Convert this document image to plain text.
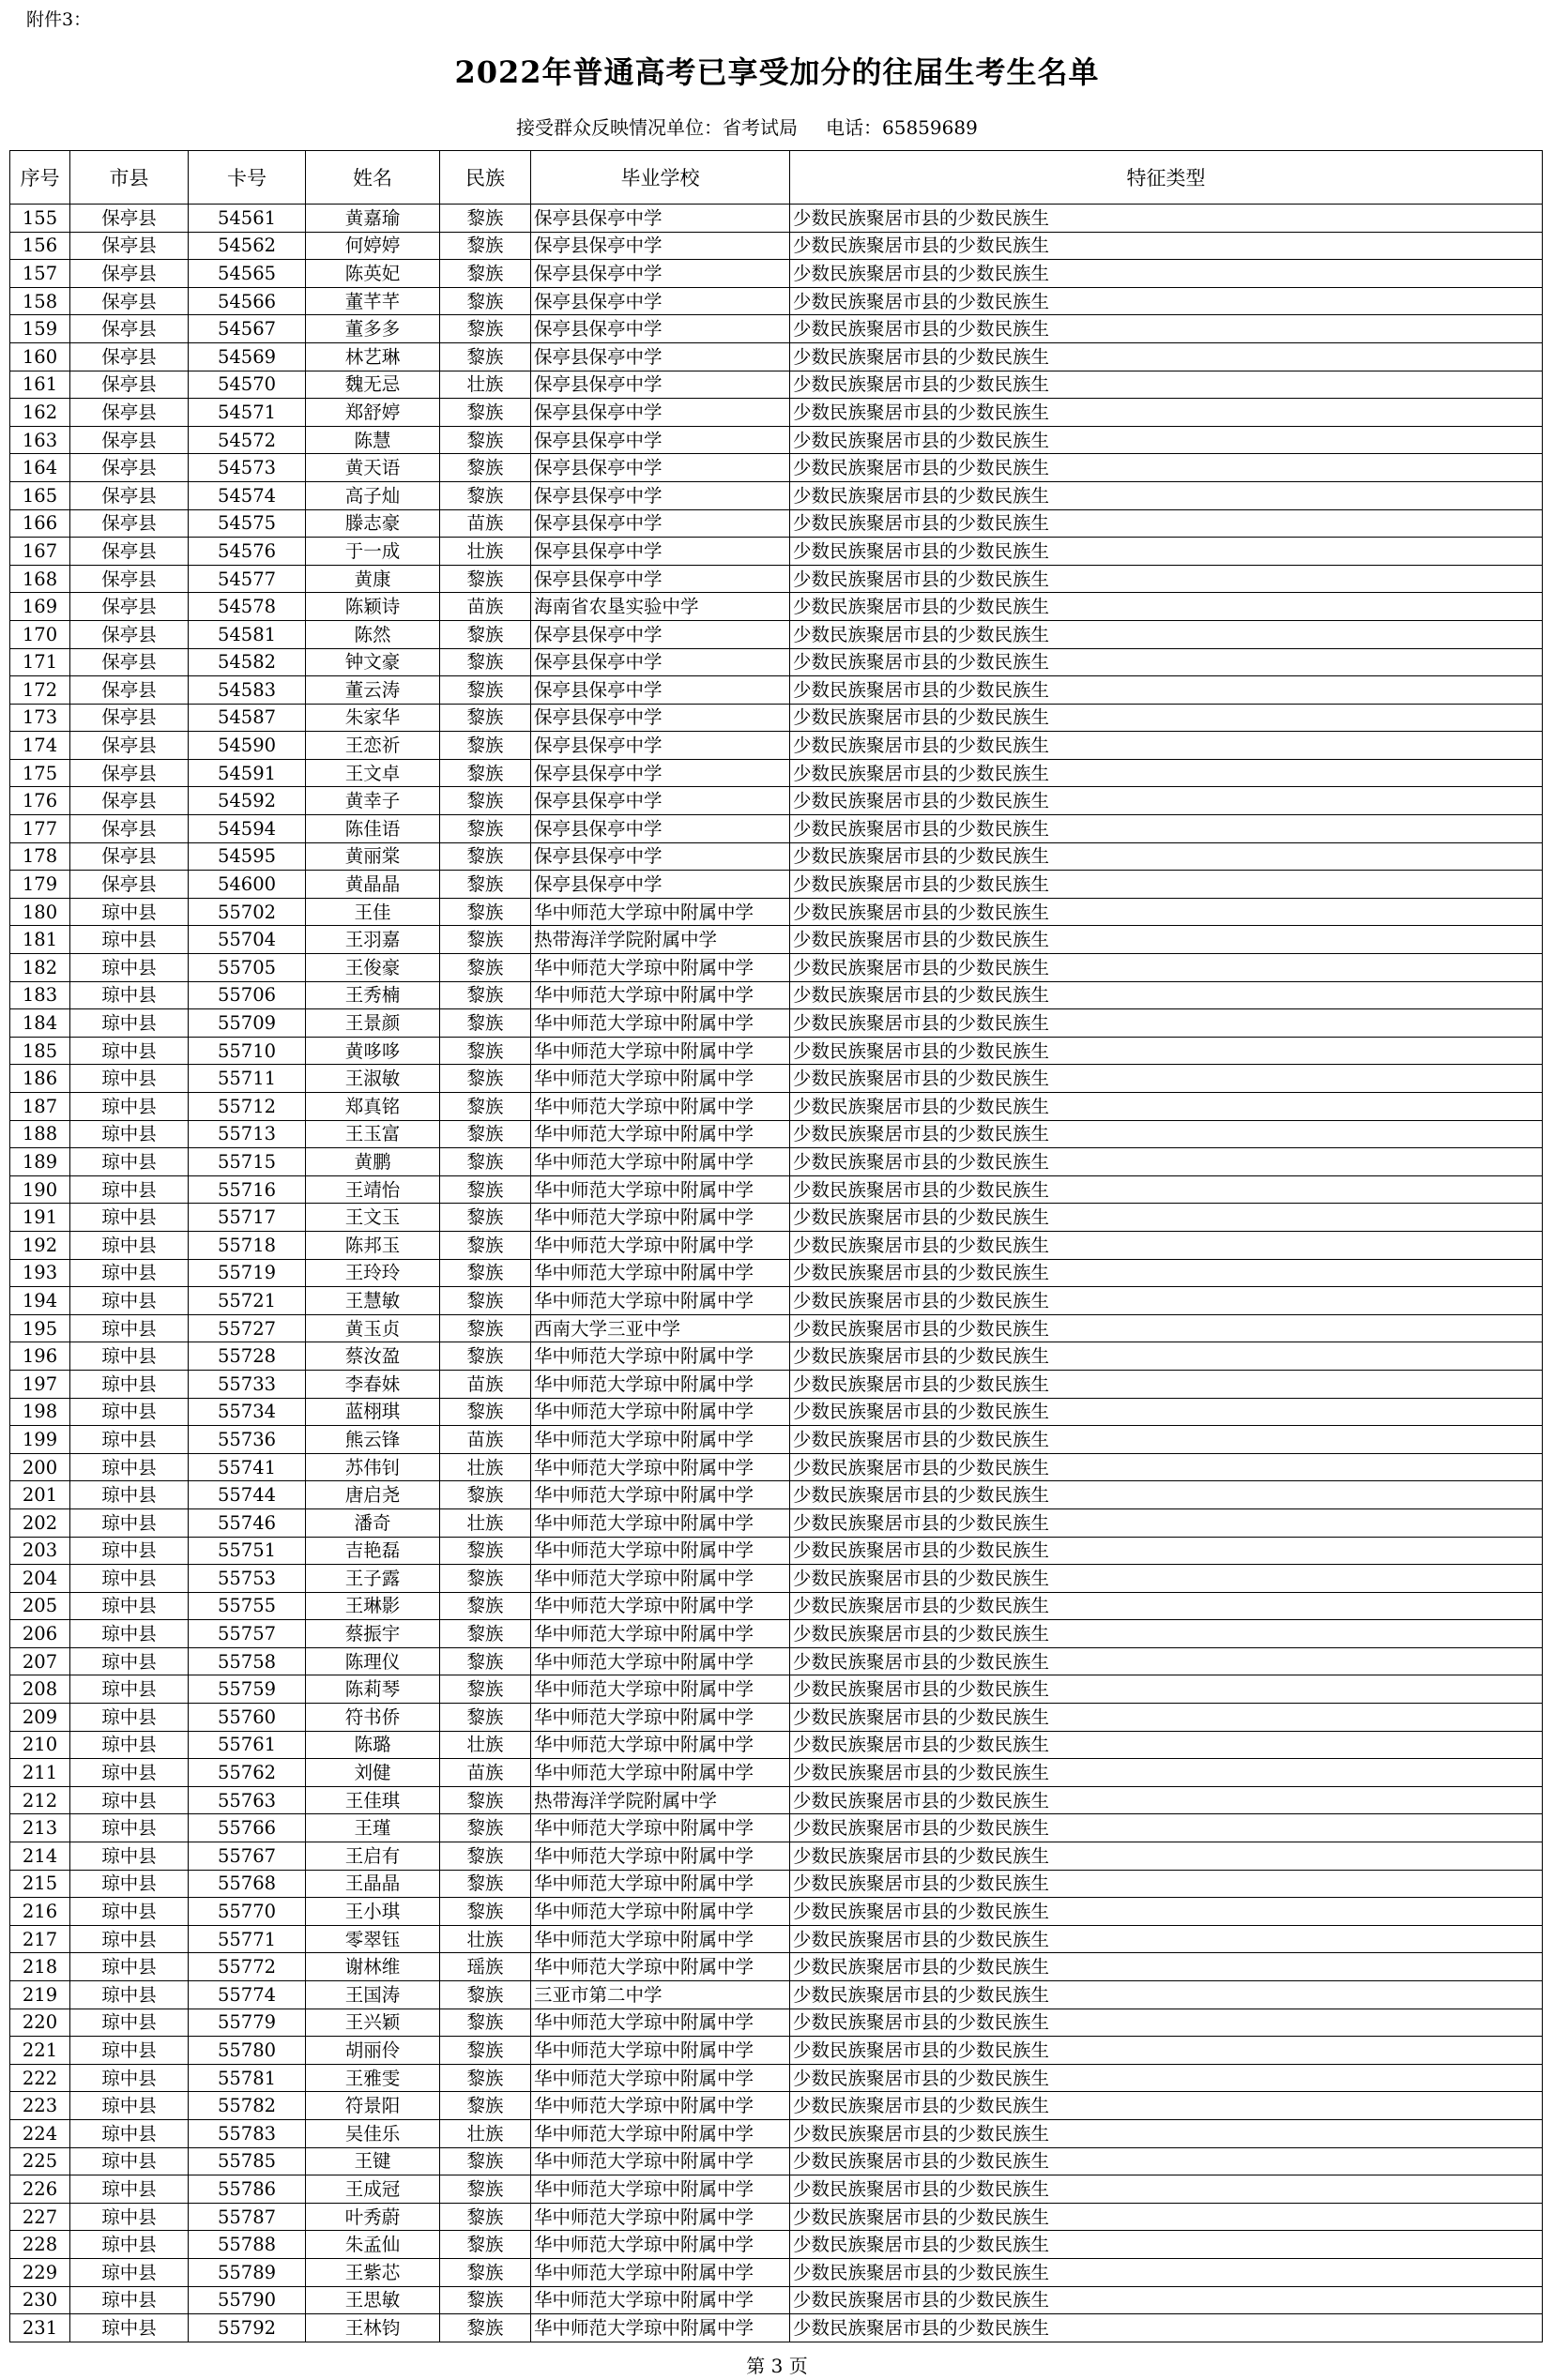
附件3：
2022年普通高考已享受加分的往届生考生名单
接受群众反映情况单位：省考试局 电话：65859689
序号	市县	卡号	姓名	民族	毕业学校	特征类型
155	保亭县	54561	黄嘉瑜	黎族	保亭县保亭中学	少数民族聚居市县的少数民族生
156	保亭县	54562	何婷婷	黎族	保亭县保亭中学	少数民族聚居市县的少数民族生
157	保亭县	54565	陈英妃	黎族	保亭县保亭中学	少数民族聚居市县的少数民族生
158	保亭县	54566	董芊芊	黎族	保亭县保亭中学	少数民族聚居市县的少数民族生
159	保亭县	54567	董多多	黎族	保亭县保亭中学	少数民族聚居市县的少数民族生
160	保亭县	54569	林艺琳	黎族	保亭县保亭中学	少数民族聚居市县的少数民族生
161	保亭县	54570	魏无忌	壮族	保亭县保亭中学	少数民族聚居市县的少数民族生
162	保亭县	54571	郑舒婷	黎族	保亭县保亭中学	少数民族聚居市县的少数民族生
163	保亭县	54572	陈慧	黎族	保亭县保亭中学	少数民族聚居市县的少数民族生
164	保亭县	54573	黄天语	黎族	保亭县保亭中学	少数民族聚居市县的少数民族生
165	保亭县	54574	高子灿	黎族	保亭县保亭中学	少数民族聚居市县的少数民族生
166	保亭县	54575	滕志豪	苗族	保亭县保亭中学	少数民族聚居市县的少数民族生
167	保亭县	54576	于一成	壮族	保亭县保亭中学	少数民族聚居市县的少数民族生
168	保亭县	54577	黄康	黎族	保亭县保亭中学	少数民族聚居市县的少数民族生
169	保亭县	54578	陈颖诗	苗族	海南省农垦实验中学	少数民族聚居市县的少数民族生
170	保亭县	54581	陈然	黎族	保亭县保亭中学	少数民族聚居市县的少数民族生
171	保亭县	54582	钟文豪	黎族	保亭县保亭中学	少数民族聚居市县的少数民族生
172	保亭县	54583	董云涛	黎族	保亭县保亭中学	少数民族聚居市县的少数民族生
173	保亭县	54587	朱家华	黎族	保亭县保亭中学	少数民族聚居市县的少数民族生
174	保亭县	54590	王恋祈	黎族	保亭县保亭中学	少数民族聚居市县的少数民族生
175	保亭县	54591	王文卓	黎族	保亭县保亭中学	少数民族聚居市县的少数民族生
176	保亭县	54592	黄幸子	黎族	保亭县保亭中学	少数民族聚居市县的少数民族生
177	保亭县	54594	陈佳语	黎族	保亭县保亭中学	少数民族聚居市县的少数民族生
178	保亭县	54595	黄丽棠	黎族	保亭县保亭中学	少数民族聚居市县的少数民族生
179	保亭县	54600	黄晶晶	黎族	保亭县保亭中学	少数民族聚居市县的少数民族生
180	琼中县	55702	王佳	黎族	华中师范大学琼中附属中学	少数民族聚居市县的少数民族生
181	琼中县	55704	王羽嘉	黎族	热带海洋学院附属中学	少数民族聚居市县的少数民族生
182	琼中县	55705	王俊豪	黎族	华中师范大学琼中附属中学	少数民族聚居市县的少数民族生
183	琼中县	55706	王秀楠	黎族	华中师范大学琼中附属中学	少数民族聚居市县的少数民族生
184	琼中县	55709	王景颜	黎族	华中师范大学琼中附属中学	少数民族聚居市县的少数民族生
185	琼中县	55710	黄哆哆	黎族	华中师范大学琼中附属中学	少数民族聚居市县的少数民族生
186	琼中县	55711	王淑敏	黎族	华中师范大学琼中附属中学	少数民族聚居市县的少数民族生
187	琼中县	55712	郑真铭	黎族	华中师范大学琼中附属中学	少数民族聚居市县的少数民族生
188	琼中县	55713	王玉富	黎族	华中师范大学琼中附属中学	少数民族聚居市县的少数民族生
189	琼中县	55715	黄鹏	黎族	华中师范大学琼中附属中学	少数民族聚居市县的少数民族生
190	琼中县	55716	王靖怡	黎族	华中师范大学琼中附属中学	少数民族聚居市县的少数民族生
191	琼中县	55717	王文玉	黎族	华中师范大学琼中附属中学	少数民族聚居市县的少数民族生
192	琼中县	55718	陈邦玉	黎族	华中师范大学琼中附属中学	少数民族聚居市县的少数民族生
193	琼中县	55719	王玲玲	黎族	华中师范大学琼中附属中学	少数民族聚居市县的少数民族生
194	琼中县	55721	王慧敏	黎族	华中师范大学琼中附属中学	少数民族聚居市县的少数民族生
195	琼中县	55727	黄玉贞	黎族	西南大学三亚中学	少数民族聚居市县的少数民族生
196	琼中县	55728	蔡汝盈	黎族	华中师范大学琼中附属中学	少数民族聚居市县的少数民族生
197	琼中县	55733	李春妹	苗族	华中师范大学琼中附属中学	少数民族聚居市县的少数民族生
198	琼中县	55734	蓝栩琪	黎族	华中师范大学琼中附属中学	少数民族聚居市县的少数民族生
199	琼中县	55736	熊云锋	苗族	华中师范大学琼中附属中学	少数民族聚居市县的少数民族生
200	琼中县	55741	苏伟钊	壮族	华中师范大学琼中附属中学	少数民族聚居市县的少数民族生
201	琼中县	55744	唐启尧	黎族	华中师范大学琼中附属中学	少数民族聚居市县的少数民族生
202	琼中县	55746	潘奇	壮族	华中师范大学琼中附属中学	少数民族聚居市县的少数民族生
203	琼中县	55751	吉艳磊	黎族	华中师范大学琼中附属中学	少数民族聚居市县的少数民族生
204	琼中县	55753	王子露	黎族	华中师范大学琼中附属中学	少数民族聚居市县的少数民族生
205	琼中县	55755	王琳影	黎族	华中师范大学琼中附属中学	少数民族聚居市县的少数民族生
206	琼中县	55757	蔡振宇	黎族	华中师范大学琼中附属中学	少数民族聚居市县的少数民族生
207	琼中县	55758	陈理仪	黎族	华中师范大学琼中附属中学	少数民族聚居市县的少数民族生
208	琼中县	55759	陈莉琴	黎族	华中师范大学琼中附属中学	少数民族聚居市县的少数民族生
209	琼中县	55760	符书侨	黎族	华中师范大学琼中附属中学	少数民族聚居市县的少数民族生
210	琼中县	55761	陈璐	壮族	华中师范大学琼中附属中学	少数民族聚居市县的少数民族生
211	琼中县	55762	刘健	苗族	华中师范大学琼中附属中学	少数民族聚居市县的少数民族生
212	琼中县	55763	王佳琪	黎族	热带海洋学院附属中学	少数民族聚居市县的少数民族生
213	琼中县	55766	王瑾	黎族	华中师范大学琼中附属中学	少数民族聚居市县的少数民族生
214	琼中县	55767	王启有	黎族	华中师范大学琼中附属中学	少数民族聚居市县的少数民族生
215	琼中县	55768	王晶晶	黎族	华中师范大学琼中附属中学	少数民族聚居市县的少数民族生
216	琼中县	55770	王小琪	黎族	华中师范大学琼中附属中学	少数民族聚居市县的少数民族生
217	琼中县	55771	零翠钰	壮族	华中师范大学琼中附属中学	少数民族聚居市县的少数民族生
218	琼中县	55772	谢林维	瑶族	华中师范大学琼中附属中学	少数民族聚居市县的少数民族生
219	琼中县	55774	王国涛	黎族	三亚市第二中学	少数民族聚居市县的少数民族生
220	琼中县	55779	王兴颖	黎族	华中师范大学琼中附属中学	少数民族聚居市县的少数民族生
221	琼中县	55780	胡丽伶	黎族	华中师范大学琼中附属中学	少数民族聚居市县的少数民族生
222	琼中县	55781	王雅雯	黎族	华中师范大学琼中附属中学	少数民族聚居市县的少数民族生
223	琼中县	55782	符景阳	黎族	华中师范大学琼中附属中学	少数民族聚居市县的少数民族生
224	琼中县	55783	吴佳乐	壮族	华中师范大学琼中附属中学	少数民族聚居市县的少数民族生
225	琼中县	55785	王键	黎族	华中师范大学琼中附属中学	少数民族聚居市县的少数民族生
226	琼中县	55786	王成冠	黎族	华中师范大学琼中附属中学	少数民族聚居市县的少数民族生
227	琼中县	55787	叶秀蔚	黎族	华中师范大学琼中附属中学	少数民族聚居市县的少数民族生
228	琼中县	55788	朱孟仙	黎族	华中师范大学琼中附属中学	少数民族聚居市县的少数民族生
229	琼中县	55789	王紫芯	黎族	华中师范大学琼中附属中学	少数民族聚居市县的少数民族生
230	琼中县	55790	王思敏	黎族	华中师范大学琼中附属中学	少数民族聚居市县的少数民族生
231	琼中县	55792	王林钧	黎族	华中师范大学琼中附属中学	少数民族聚居市县的少数民族生
第 3 页
